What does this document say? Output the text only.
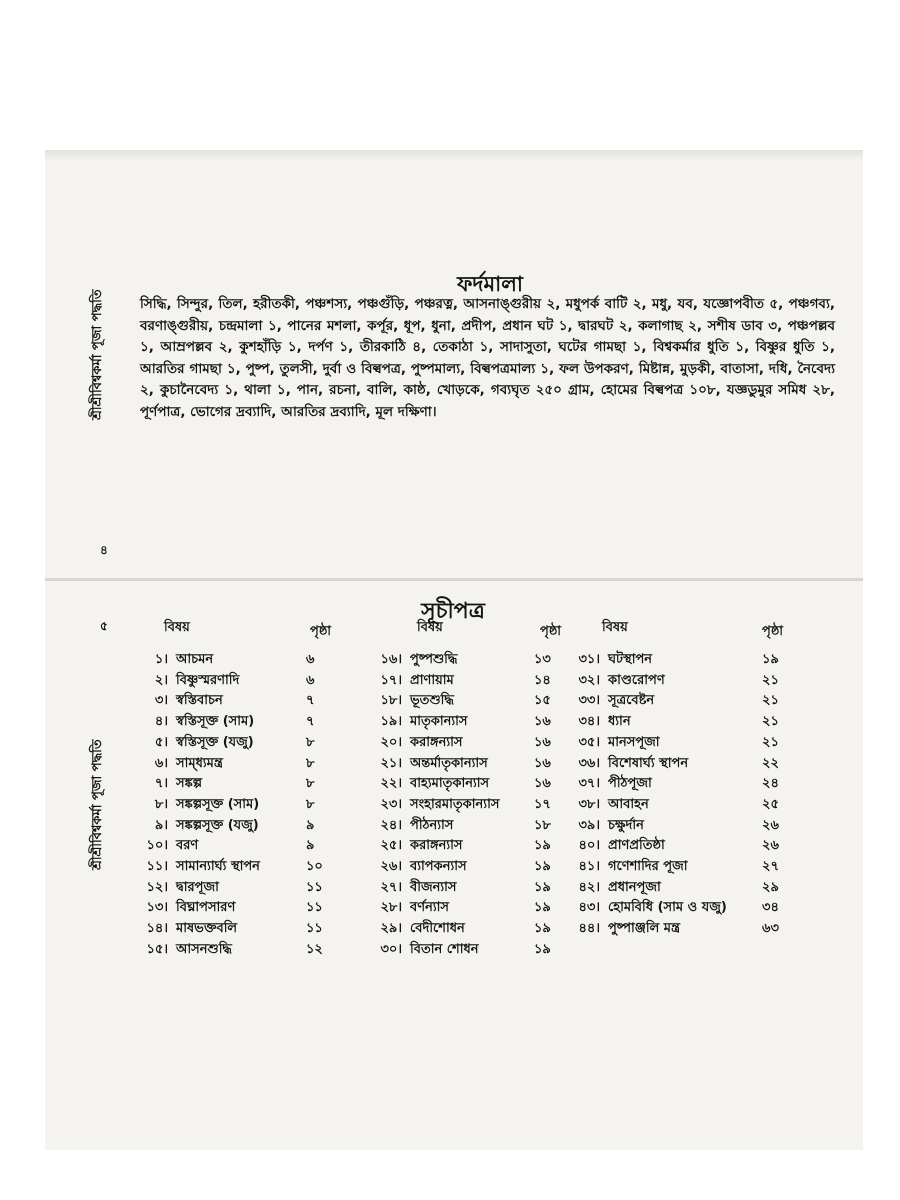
শ্রীশ্রীবিশ্বকর্মা পূজা পদ্ধতি
শ্রীশ্রীবিশ্বকর্মা পূজা পদ্ধতি
৪
৫
ফর্দমালা
সিদ্ধি, সিন্দুর, তিল, হরীতকী, পঞ্চশস্য, পঞ্চগুঁড়ি, পঞ্চরত্ন, আসনাঙ্গুরীয় ২, মধুপর্ক বাটি ২, মধু, যব, যজ্ঞোপবীত ৫, পঞ্চগব্য, বরণাঙ্গুরীয়, চন্দ্রমালা ১, পানের মশলা, কর্পূর, ধূপ, ধুনা, প্রদীপ, প্রধান ঘট ১, দ্বারঘট ২, কলাগাছ ২, সশীষ ডাব ৩, পঞ্চপল্লব ১, আম্রপল্লব ২, কুশহাঁড়ি ১, দর্পণ ১, তীরকাঠি ৪, তেকাঠা ১, সাদাসুতা, ঘটের গামছা ১, বিশ্বকর্মার ধুতি ১, বিষ্ণুর ধুতি ১, আরতির গামছা ১, পুষ্প, তুলসী, দুর্বা ও বিল্বপত্র, পুষ্পমাল্য, বিল্বপত্রমাল্য ১, ফল উপকরণ, মিষ্টান্ন, মুড়কী, বাতাসা, দধি, নৈবেদ্য ২, কুচানৈবেদ্য ১, থালা ১, পান, রচনা, বালি, কাষ্ঠ, খোড়কে, গব্যঘৃত ২৫০ গ্রাম, হোমের বিল্বপত্র ১০৮, যজ্ঞডুমুর সমিধ ২৮, পূর্ণপাত্র, ভোগের দ্রব্যাদি, আরতির দ্রব্যাদি, মূল দক্ষিণা।
সূচীপত্র
বিষয়	পৃষ্ঠা
১। আচমন	৬
২। বিষ্ণুস্মরণাদি	৬
৩। স্বস্তিবাচন	৭
৪। স্বস্তিসূক্ত (সাম)	৭
৫। স্বস্তিসূক্ত (যজু)	৮
৬। সাম্ধ্যমন্ত্র	৮
৭। সঙ্কল্প	৮
৮। সঙ্কল্পসূক্ত (সাম)	৮
৯। সঙ্কল্পসূক্ত (যজু)	৯
১০। বরণ	৯
১১। সামান্যার্ঘ্য স্থাপন	১০
১২। দ্বারপূজা	১১
১৩। বিঘ্নাপসারণ	১১
১৪। মাষভক্তবলি	১১
১৫। আসনশুদ্ধি	১২
বিষয়	পৃষ্ঠা
১৬। পুষ্পশুদ্ধি	১৩
১৭। প্রাণায়াম	১৪
১৮। ভূতশুদ্ধি	১৫
১৯। মাতৃকান্যাস	১৬
২০। করাঙ্গন্যাস	১৬
২১। অন্তর্মাতৃকান্যাস	১৬
২২। বাহ্যমাতৃকান্যাস	১৬
২৩। সংহারমাতৃকান্যাস	১৭
২৪। পীঠন্যাস	১৮
২৫। করাঙ্গন্যাস	১৯
২৬। ব্যাপকন্যাস	১৯
২৭। বীজন্যাস	১৯
২৮। বর্ণন্যাস	১৯
২৯। বেদীশোধন	১৯
৩০। বিতান শোধন	১৯
বিষয়	পৃষ্ঠা
৩১। ঘটস্থাপন	১৯
৩২। কাণ্ডরোপণ	২১
৩৩। সূত্রবেষ্টন	২১
৩৪। ধ্যান	২১
৩৫। মানসপূজা	২১
৩৬। বিশেষার্ঘ্য স্থাপন	২২
৩৭। পীঠপূজা	২৪
৩৮। আবাহন	২৫
৩৯। চক্ষুর্দান	২৬
৪০। প্রাণপ্রতিষ্ঠা	২৬
৪১। গণেশাদির পূজা	২৭
৪২। প্রধানপূজা	২৯
৪৩। হোমবিধি (সাম ও যজু)	৩৪
৪৪। পুষ্পাঞ্জলি মন্ত্র	৬৩
